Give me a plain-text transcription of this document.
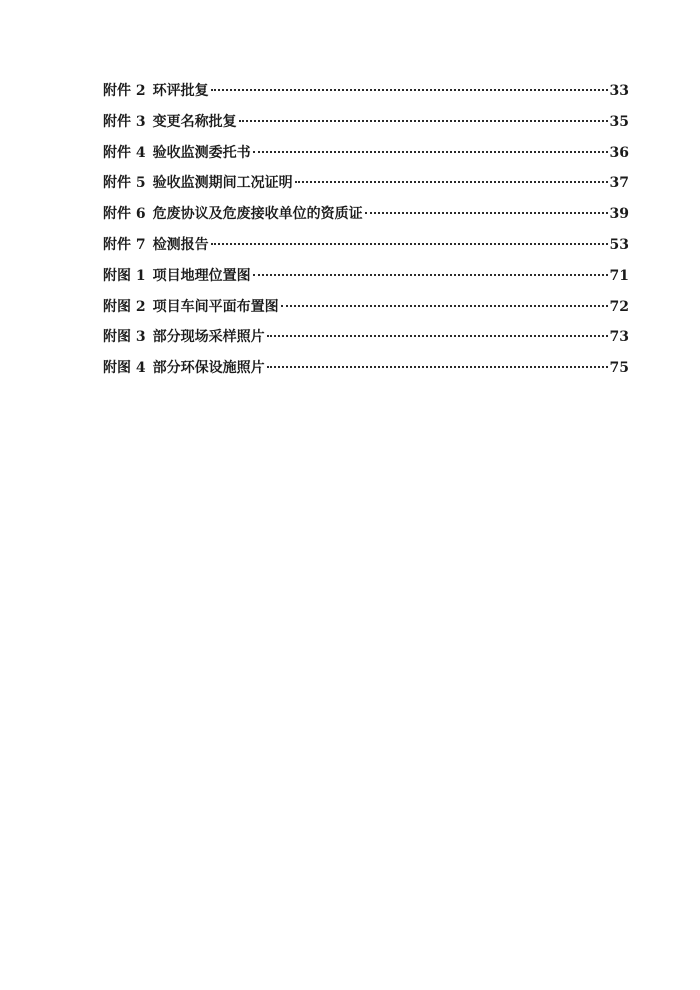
附件 2 环评批复	33
附件 3 变更名称批复	35
附件 4 验收监测委托书	36
附件 5 验收监测期间工况证明	37
附件 6 危废协议及危废接收单位的资质证	39
附件 7 检测报告	53
附图 1 项目地理位置图	71
附图 2 项目车间平面布置图	72
附图 3 部分现场采样照片	73
附图 4 部分环保设施照片	75
